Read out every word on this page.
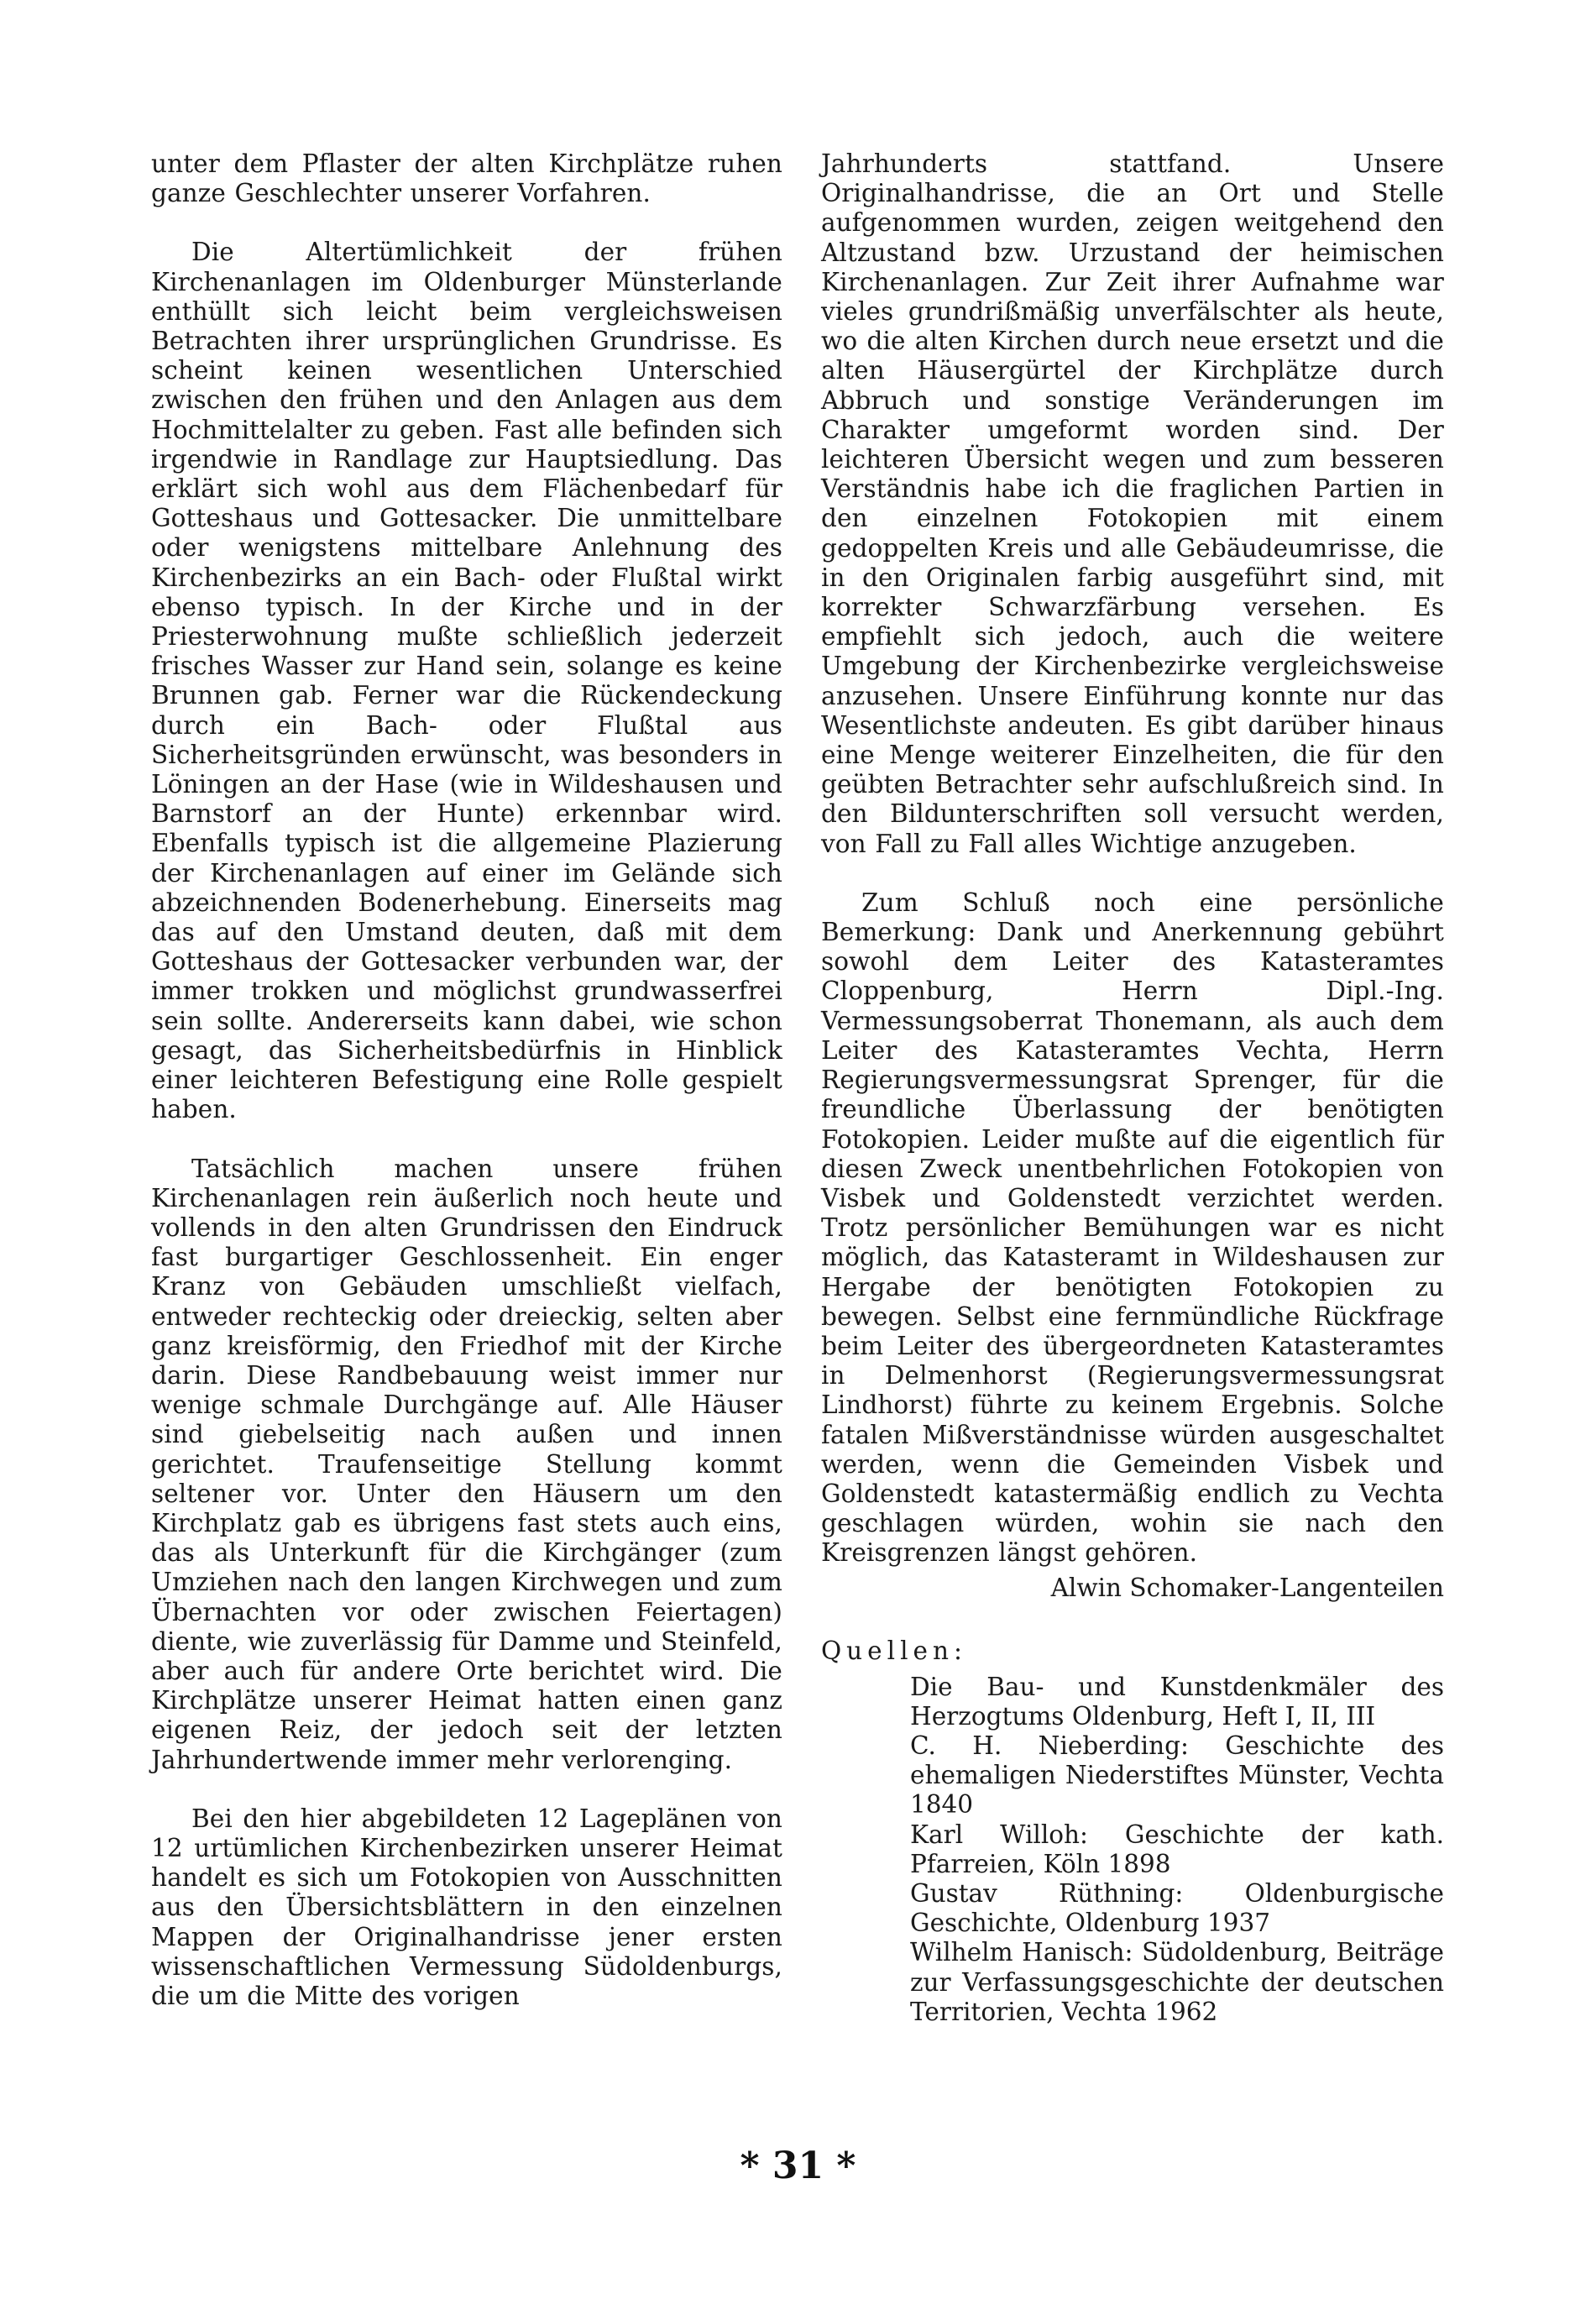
unter dem Pflaster der alten Kirchplätze ruhen ganze Geschlechter unserer Vorfahren.

Die Altertümlichkeit der frühen Kirchenanlagen im Oldenburger Münsterlande enthüllt sich leicht beim vergleichsweisen Betrachten ihrer ursprünglichen Grundrisse. Es scheint keinen wesentlichen Unterschied zwischen den frühen und den Anlagen aus dem Hochmittelalter zu geben. Fast alle befinden sich irgendwie in Randlage zur Hauptsiedlung. Das erklärt sich wohl aus dem Flächenbedarf für Gotteshaus und Gottesacker. Die unmittelbare oder wenigstens mittelbare Anlehnung des Kirchenbezirks an ein Bach- oder Flußtal wirkt ebenso typisch. In der Kirche und in der Priesterwohnung mußte schließlich jederzeit frisches Wasser zur Hand sein, solange es keine Brunnen gab. Ferner war die Rückendeckung durch ein Bach- oder Flußtal aus Sicherheitsgründen erwünscht, was besonders in Löningen an der Hase (wie in Wildeshausen und Barnstorf an der Hunte) erkennbar wird. Ebenfalls typisch ist die allgemeine Plazierung der Kirchenanlagen auf einer im Gelände sich abzeichnenden Bodenerhebung. Einerseits mag das auf den Umstand deuten, daß mit dem Gotteshaus der Gottesacker verbunden war, der immer trokken und möglichst grundwasserfrei sein sollte. Andererseits kann dabei, wie schon gesagt, das Sicherheitsbedürfnis in Hinblick einer leichteren Befestigung eine Rolle gespielt haben.

Tatsächlich machen unsere frühen Kirchenanlagen rein äußerlich noch heute und vollends in den alten Grundrissen den Eindruck fast burgartiger Geschlossenheit. Ein enger Kranz von Gebäuden umschließt vielfach, entweder rechteckig oder dreieckig, selten aber ganz kreisförmig, den Friedhof mit der Kirche darin. Diese Randbebauung weist immer nur wenige schmale Durchgänge auf. Alle Häuser sind giebelseitig nach außen und innen gerichtet. Traufenseitige Stellung kommt seltener vor. Unter den Häusern um den Kirchplatz gab es übrigens fast stets auch eins, das als Unterkunft für die Kirchgänger (zum Umziehen nach den langen Kirchwegen und zum Übernachten vor oder zwischen Feiertagen) diente, wie zuverlässig für Damme und Steinfeld, aber auch für andere Orte berichtet wird. Die Kirchplätze unserer Heimat hatten einen ganz eigenen Reiz, der jedoch seit der letzten Jahrhundertwende immer mehr verlorenging.

Bei den hier abgebildeten 12 Lageplänen von 12 urtümlichen Kirchenbezirken unserer Heimat handelt es sich um Fotokopien von Ausschnitten aus den Übersichtsblättern in den einzelnen Mappen der Originalhandrisse jener ersten wissenschaftlichen Vermessung Südoldenburgs, die um die Mitte des vorigen

Jahrhunderts stattfand. Unsere Originalhandrisse, die an Ort und Stelle aufgenommen wurden, zeigen weitgehend den Altzustand bzw. Urzustand der heimischen Kirchenanlagen. Zur Zeit ihrer Aufnahme war vieles grundrißmäßig unverfälschter als heute, wo die alten Kirchen durch neue ersetzt und die alten Häusergürtel der Kirchplätze durch Abbruch und sonstige Veränderungen im Charakter umgeformt worden sind. Der leichteren Übersicht wegen und zum besseren Verständnis habe ich die fraglichen Partien in den einzelnen Fotokopien mit einem gedoppelten Kreis und alle Gebäudeumrisse, die in den Originalen farbig ausgeführt sind, mit korrekter Schwarzfärbung versehen. Es empfiehlt sich jedoch, auch die weitere Umgebung der Kirchenbezirke vergleichsweise anzusehen. Unsere Einführung konnte nur das Wesentlichste andeuten. Es gibt darüber hinaus eine Menge weiterer Einzelheiten, die für den geübten Betrachter sehr aufschlußreich sind. In den Bildunterschriften soll versucht werden, von Fall zu Fall alles Wichtige anzugeben.

Zum Schluß noch eine persönliche Bemerkung: Dank und Anerkennung gebührt sowohl dem Leiter des Katasteramtes Cloppenburg, Herrn Dipl.-Ing. Vermessungsoberrat Thonemann, als auch dem Leiter des Katasteramtes Vechta, Herrn Regierungsvermessungsrat Sprenger, für die freundliche Überlassung der benötigten Fotokopien. Leider mußte auf die eigentlich für diesen Zweck unentbehrlichen Fotokopien von Visbek und Goldenstedt verzichtet werden. Trotz persönlicher Bemühungen war es nicht möglich, das Katasteramt in Wildeshausen zur Hergabe der benötigten Fotokopien zu bewegen. Selbst eine fernmündliche Rückfrage beim Leiter des übergeordneten Katasteramtes in Delmenhorst (Regierungsvermessungsrat Lindhorst) führte zu keinem Ergebnis. Solche fatalen Mißverständnisse würden ausgeschaltet werden, wenn die Gemeinden Visbek und Goldenstedt katastermäßig endlich zu Vechta geschlagen würden, wohin sie nach den Kreisgrenzen längst gehören.

Alwin Schomaker-Langenteilen

Quellen:

Die Bau- und Kunstdenkmäler des Herzogtums Oldenburg, Heft I, II, III
C. H. Nieberding: Geschichte des ehemaligen Niederstiftes Münster, Vechta 1840
Karl Willoh: Geschichte der kath. Pfarreien, Köln 1898
Gustav Rüthning: Oldenburgische Geschichte, Oldenburg 1937
Wilhelm Hanisch: Südoldenburg, Beiträge zur Verfassungsgeschichte der deutschen Territorien, Vechta 1962
* 31 *
